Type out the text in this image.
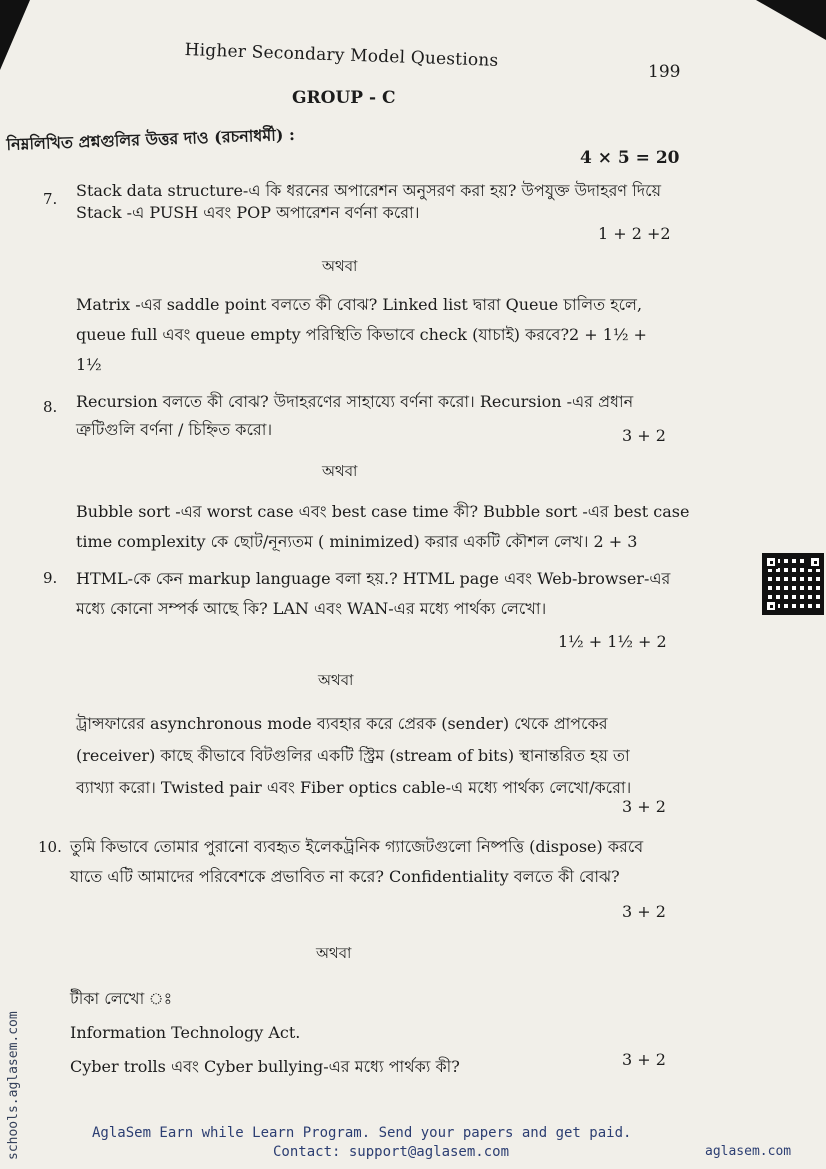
Higher Secondary Model Questions
199
GROUP - C
নিম্নলিখিত প্রশ্নগুলির উত্তর দাও (রচনাধর্মী) :
4 × 5 = 20
7. Stack data structure-এ কি ধরনের অপারেশন অনুসরণ করা হয়? উপযুক্ত উদাহরণ দিয়ে
Stack -এ PUSH এবং POP অপারেশন বর্ণনা করো।
1 + 2 +2
অথবা
Matrix -এর saddle point বলতে কী বোঝ? Linked list দ্বারা Queue চালিত হলে,
queue full এবং queue empty পরিস্থিতি কিভাবে check (যাচাই) করবে?2 + 1½ +
1½
8. Recursion বলতে কী বোঝ? উদাহরণের সাহায্যে বর্ণনা করো। Recursion -এর প্রধান
ত্রুটিগুলি বর্ণনা / চিহ্নিত করো।	3 + 2
অথবা
Bubble sort -এর worst case এবং best case time কী? Bubble sort -এর best case
time complexity কে ছোট/নূন্যতম ( minimized) করার একটি কৌশল লেখ। 2 + 3
9. HTML-কে কেন markup language বলা হয়.? HTML page এবং Web-browser-এর
মধ্যে কোনো সম্পর্ক আছে কি? LAN এবং WAN-এর মধ্যে পার্থক্য লেখো।
1½ + 1½ + 2
অথবা
ট্রান্সফারের asynchronous mode ব্যবহার করে প্রেরক (sender) থেকে প্রাপকের
(receiver) কাছে কীভাবে বিটগুলির একটি স্ট্রিম (stream of bits) স্থানান্তরিত হয় তা
ব্যাখ্যা করো। Twisted pair এবং Fiber optics cable-এ মধ্যে পার্থক্য লেখো/করো।
3 + 2
10. তুমি কিভাবে তোমার পুরানো ব্যবহৃত ইলেকট্রনিক গ্যাজেটগুলো নিষ্পত্তি (dispose) করবে
যাতে এটি আমাদের পরিবেশকে প্রভাবিত না করে? Confidentiality বলতে কী বোঝ?
3 + 2
অথবা
টীকা লেখো ঃ
Information Technology Act.
Cyber trolls এবং Cyber bullying-এর মধ্যে পার্থক্য কী?	3 + 2
schools.aglasem.com	AglaSem Earn while Learn Program. Send your papers and get paid.
Contact: support@aglasem.com	aglasem.com
